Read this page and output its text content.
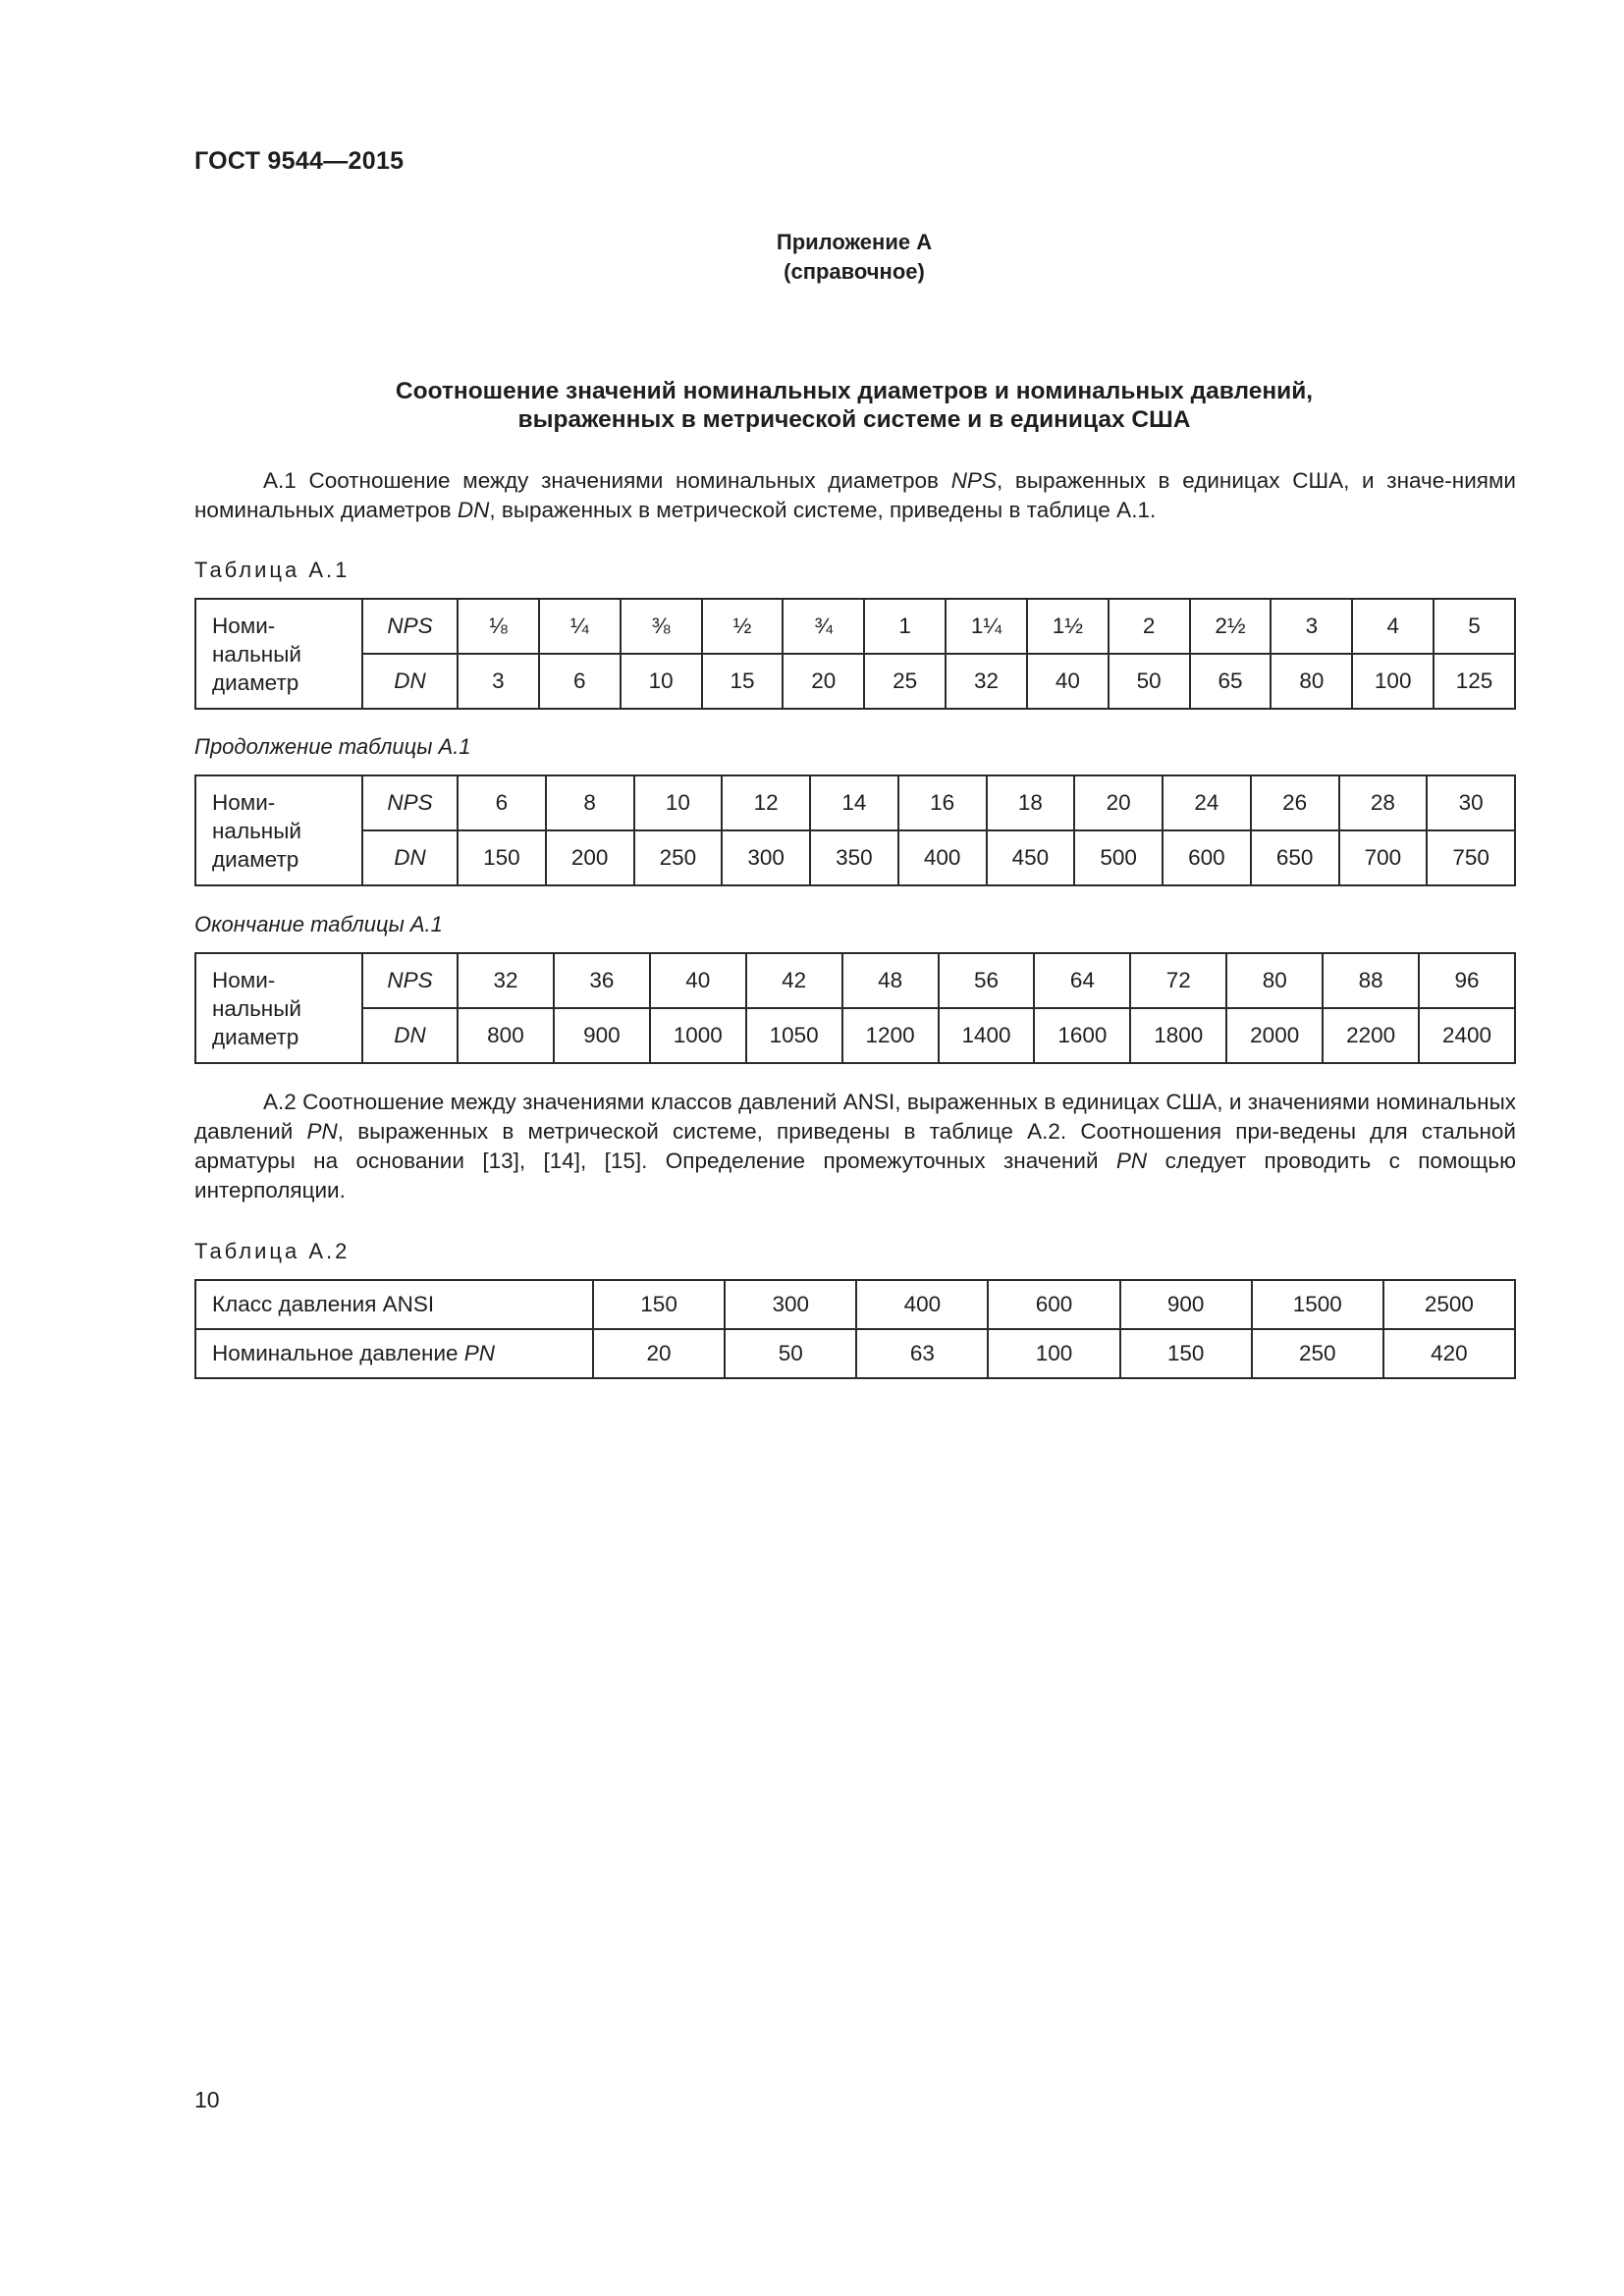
ГОСТ 9544—2015
Приложение А
(справочное)
Соотношение значений номинальных диаметров и номинальных давлений,
выраженных в метрической системе и в единицах США

А.1 Соотношение между значениями номинальных диаметров NPS, выраженных в единицах США, и значе-ниями номинальных диаметров DN, выраженных в метрической системе, приведены в таблице А.1.

Таблица А.1
Номи-нальный диаметр	NPS	⅛	¼	⅜	½	¾	1	1¼	1½	2	2½	3	4	5
	DN	3	6	10	15	20	25	32	40	50	65	80	100	125
Продолжение таблицы А.1
Номи-нальный диаметр	NPS	6	8	10	12	14	16	18	20	24	26	28	30
	DN	150	200	250	300	350	400	450	500	600	650	700	750
Окончание таблицы А.1
Номи-нальный диаметр	NPS	32	36	40	42	48	56	64	72	80	88	96
	DN	800	900	1000	1050	1200	1400	1600	1800	2000	2200	2400

А.2 Соотношение между значениями классов давлений ANSI, выраженных в единицах США, и значениями номинальных давлений PN, выраженных в метрической системе, приведены в таблице А.2. Соотношения при-ведены для стальной арматуры на основании [13], [14], [15]. Определение промежуточных значений PN следует проводить с помощью интерполяции.

Таблица А.2
Класс давления ANSI	150	300	400	600	900	1500	2500
Номинальное давление PN	20	50	63	100	150	250	420
10
